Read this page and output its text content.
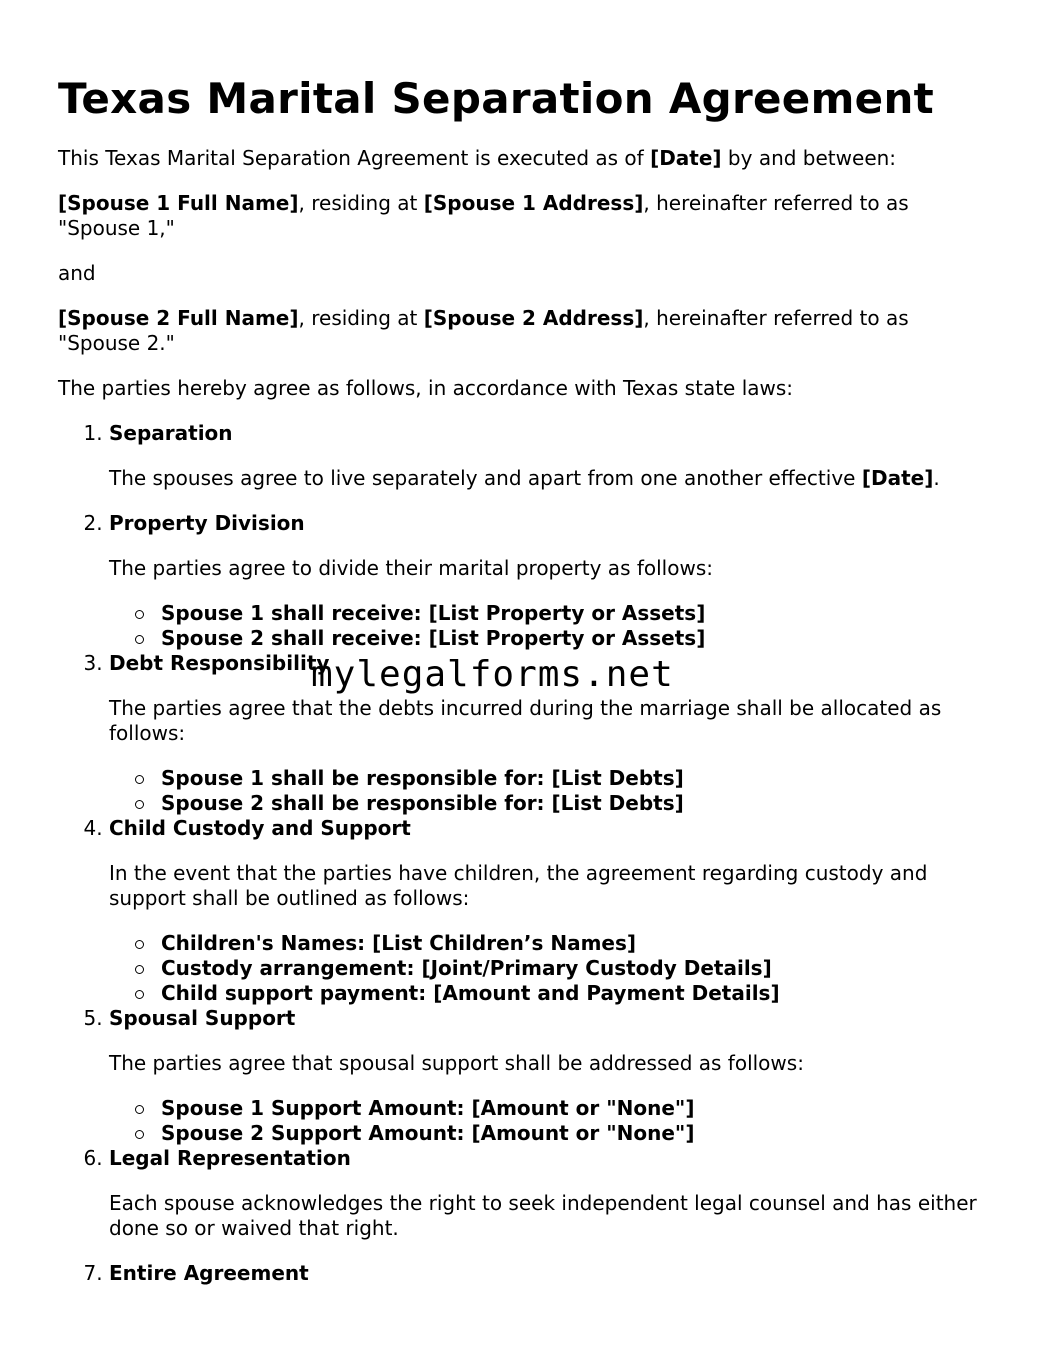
Texas Marital Separation Agreement

This Texas Marital Separation Agreement is executed as of [Date] by and between:

[Spouse 1 Full Name], residing at [Spouse 1 Address], hereinafter referred to as "Spouse 1,"

and

[Spouse 2 Full Name], residing at [Spouse 2 Address], hereinafter referred to as "Spouse 2."

The parties hereby agree as follows, in accordance with Texas state laws:

1. Separation
The spouses agree to live separately and apart from one another effective [Date].
2. Property Division
The parties agree to divide their marital property as follows:
Spouse 1 shall receive: [List Property or Assets]
Spouse 2 shall receive: [List Property or Assets]
3. Debt Responsibility
The parties agree that the debts incurred during the marriage shall be allocated as follows:
Spouse 1 shall be responsible for: [List Debts]
Spouse 2 shall be responsible for: [List Debts]
4. Child Custody and Support
In the event that the parties have children, the agreement regarding custody and support shall be outlined as follows:
Children's Names: [List Children’s Names]
Custody arrangement: [Joint/Primary Custody Details]
Child support payment: [Amount and Payment Details]
5. Spousal Support
The parties agree that spousal support shall be addressed as follows:
Spouse 1 Support Amount: [Amount or "None"]
Spouse 2 Support Amount: [Amount or "None"]
6. Legal Representation
Each spouse acknowledges the right to seek independent legal counsel and has either done so or waived that right.
7. Entire Agreement
mylegalforms.net
